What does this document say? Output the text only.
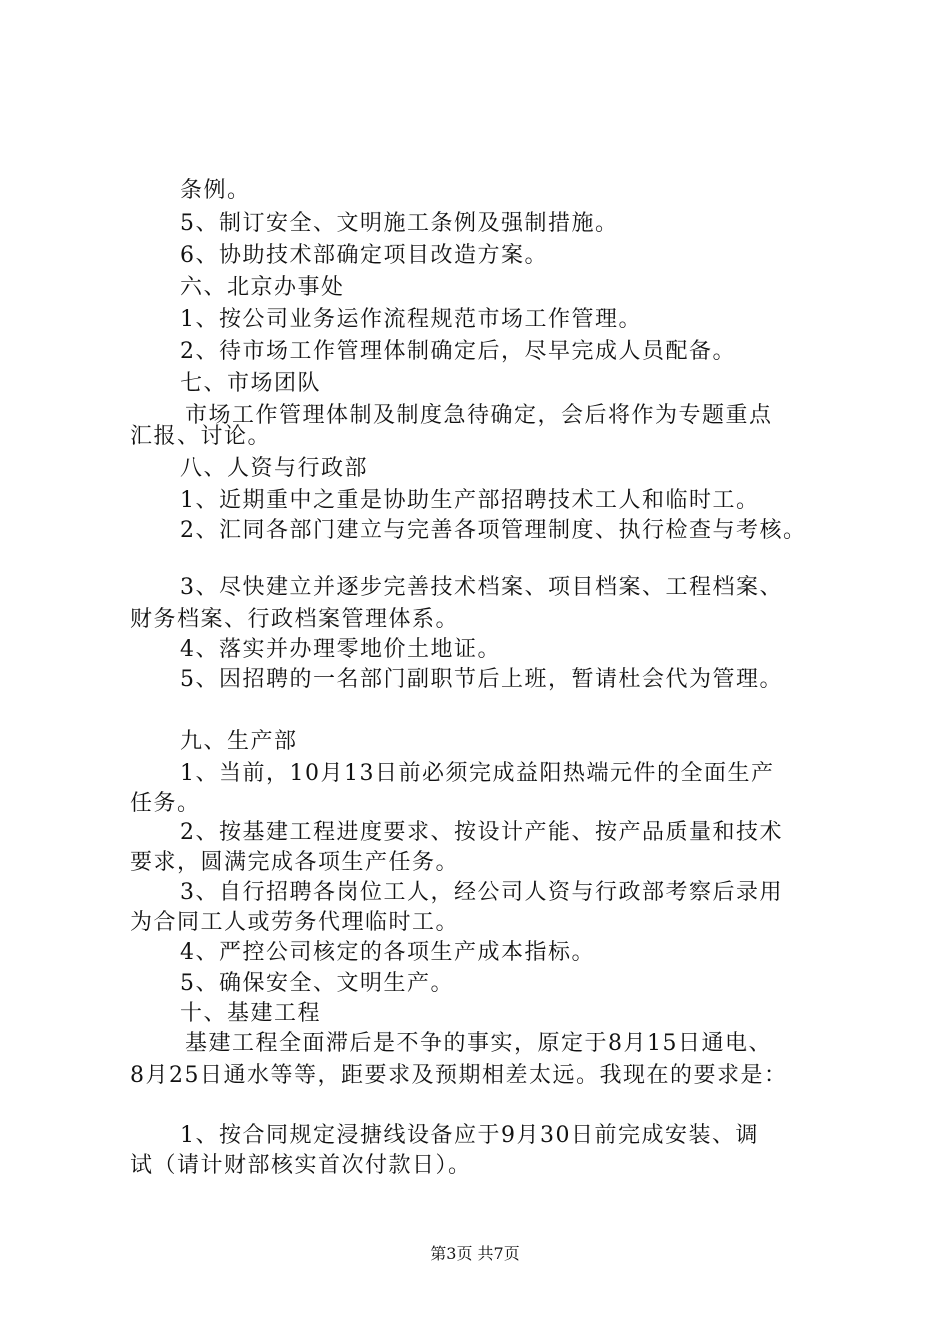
条例。
5、制订安全、文明施工条例及强制措施。
6、协助技术部确定项目改造方案。
六、北京办事处
1、按公司业务运作流程规范市场工作管理。
2、待市场工作管理体制确定后，尽早完成人员配备。
七、市场团队
市场工作管理体制及制度急待确定，会后将作为专题重点
汇报、讨论。
八、人资与行政部
1、近期重中之重是协助生产部招聘技术工人和临时工。
2、汇同各部门建立与完善各项管理制度、执行检查与考核。
3、尽快建立并逐步完善技术档案、项目档案、工程档案、
财务档案、行政档案管理体系。
4、落实并办理零地价土地证。
5、因招聘的一名部门副职节后上班，暂请杜会代为管理。
九、生产部
1、当前，10月13日前必须完成益阳热端元件的全面生产
任务。
2、按基建工程进度要求、按设计产能、按产品质量和技术
要求，圆满完成各项生产任务。
3、自行招聘各岗位工人，经公司人资与行政部考察后录用
为合同工人或劳务代理临时工。
4、严控公司核定的各项生产成本指标。
5、确保安全、文明生产。
十、基建工程
基建工程全面滞后是不争的事实，原定于8月15日通电、
8月25日通水等等，距要求及预期相差太远。我现在的要求是：
1、按合同规定浸搪线设备应于9月30日前完成安装、调
试（请计财部核实首次付款日）。
第3页 共7页
